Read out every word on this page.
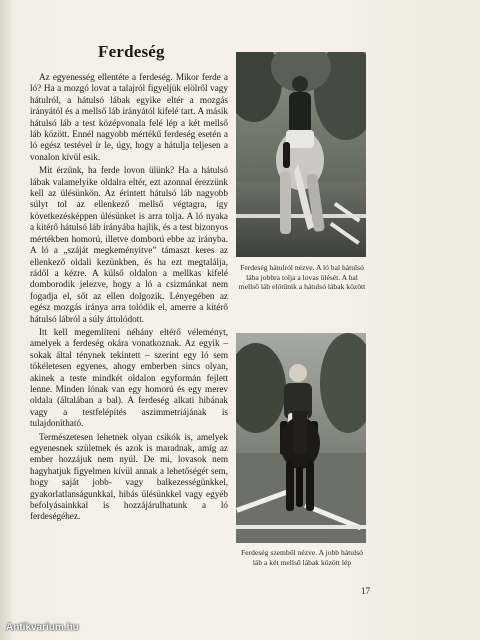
Ferdeség

Az egyenesség ellentéte a ferdeség. Mikor ferde a ló? Ha a mozgó lovat a talajról figyeljük elölről vagy hátulról, a hátulsó lábak egyike eltér a mozgás irányától és a mellső láb irányától kifelé tart. A másik hátulsó láb a test középvonala felé lép a két mellső láb között. Ennél nagyobb mértékű ferdeség esetén a ló egész testével ír le, úgy, hogy a hátulja teljesen a vonalon kívül esik.

Mit érzünk, ha ferde lovon ülünk? Ha a hátulsó lábak valamelyike oldalra eltér, ezt azonnal érezzünk kell az ülésünkön. Az érintett hátulsó láb nagyobb súlyt tol az ellenkező mellső végtagra, így következésképpen ülésünket is arra tolja. A ló nyaka a kitérő hátulsó láb irányába hajlik, és a test bizonyos mértékben homorú, illetve domború ebbe az irányba. A ló a „száját megkeményítve” támaszt keres az ellenkező oldali kezünkben, és ha ezt megtalálja, rádől a kézre. A külső oldalon a mellkas kifelé domborodik jelezve, hogy a ló a csizmánkat nem fogadja el, sőt az ellen dolgozik. Lényegében az egész mozgás iránya arra tolódik el, amerre a kitérő hátulsó lábról a súly áttolódott.

Itt kell megemlíteni néhány eltérő véleményt, amelyek a ferdeség okára vonatkoznak. Az egyik – sokak által ténynek tekintett – szerint egy ló sem tökéletesen egyenes, ahogy emberben sincs olyan, akinek a teste mindkét oldalon egyformán fejlett lenne. Minden lónak van egy homorú és egy merev oldala (általában a bal). A ferdeség alkati hibának vagy a testfelépítés aszimmetriájának is tulajdonítható.

Természetesen lehetnek olyan csikók is, amelyek egyenesnek születnek és azok is maradnak, amíg az ember hozzájuk nem nyúl. De mi, lovasok nem hagyhatjuk figyelmen kívül annak a lehetőségét sem, hogy saját jobb- vagy balkezességünkkel, gyakorlatlanságunkkal, hibás ülésünkkel vagy egyéb befolyásainkkal is hozzájárulhatunk a ló ferdeségéhez.

Ferdeség hátulról nézve. A ló bal hátulsó lába jobbra tolja a lovas ülését. A bal mellső láb előtűnik a hátulsó lábak között
Ferdeség szemből nézve. A jobb hátulsó láb a két mellső lábak között lép
17
Antikvarium.hu
